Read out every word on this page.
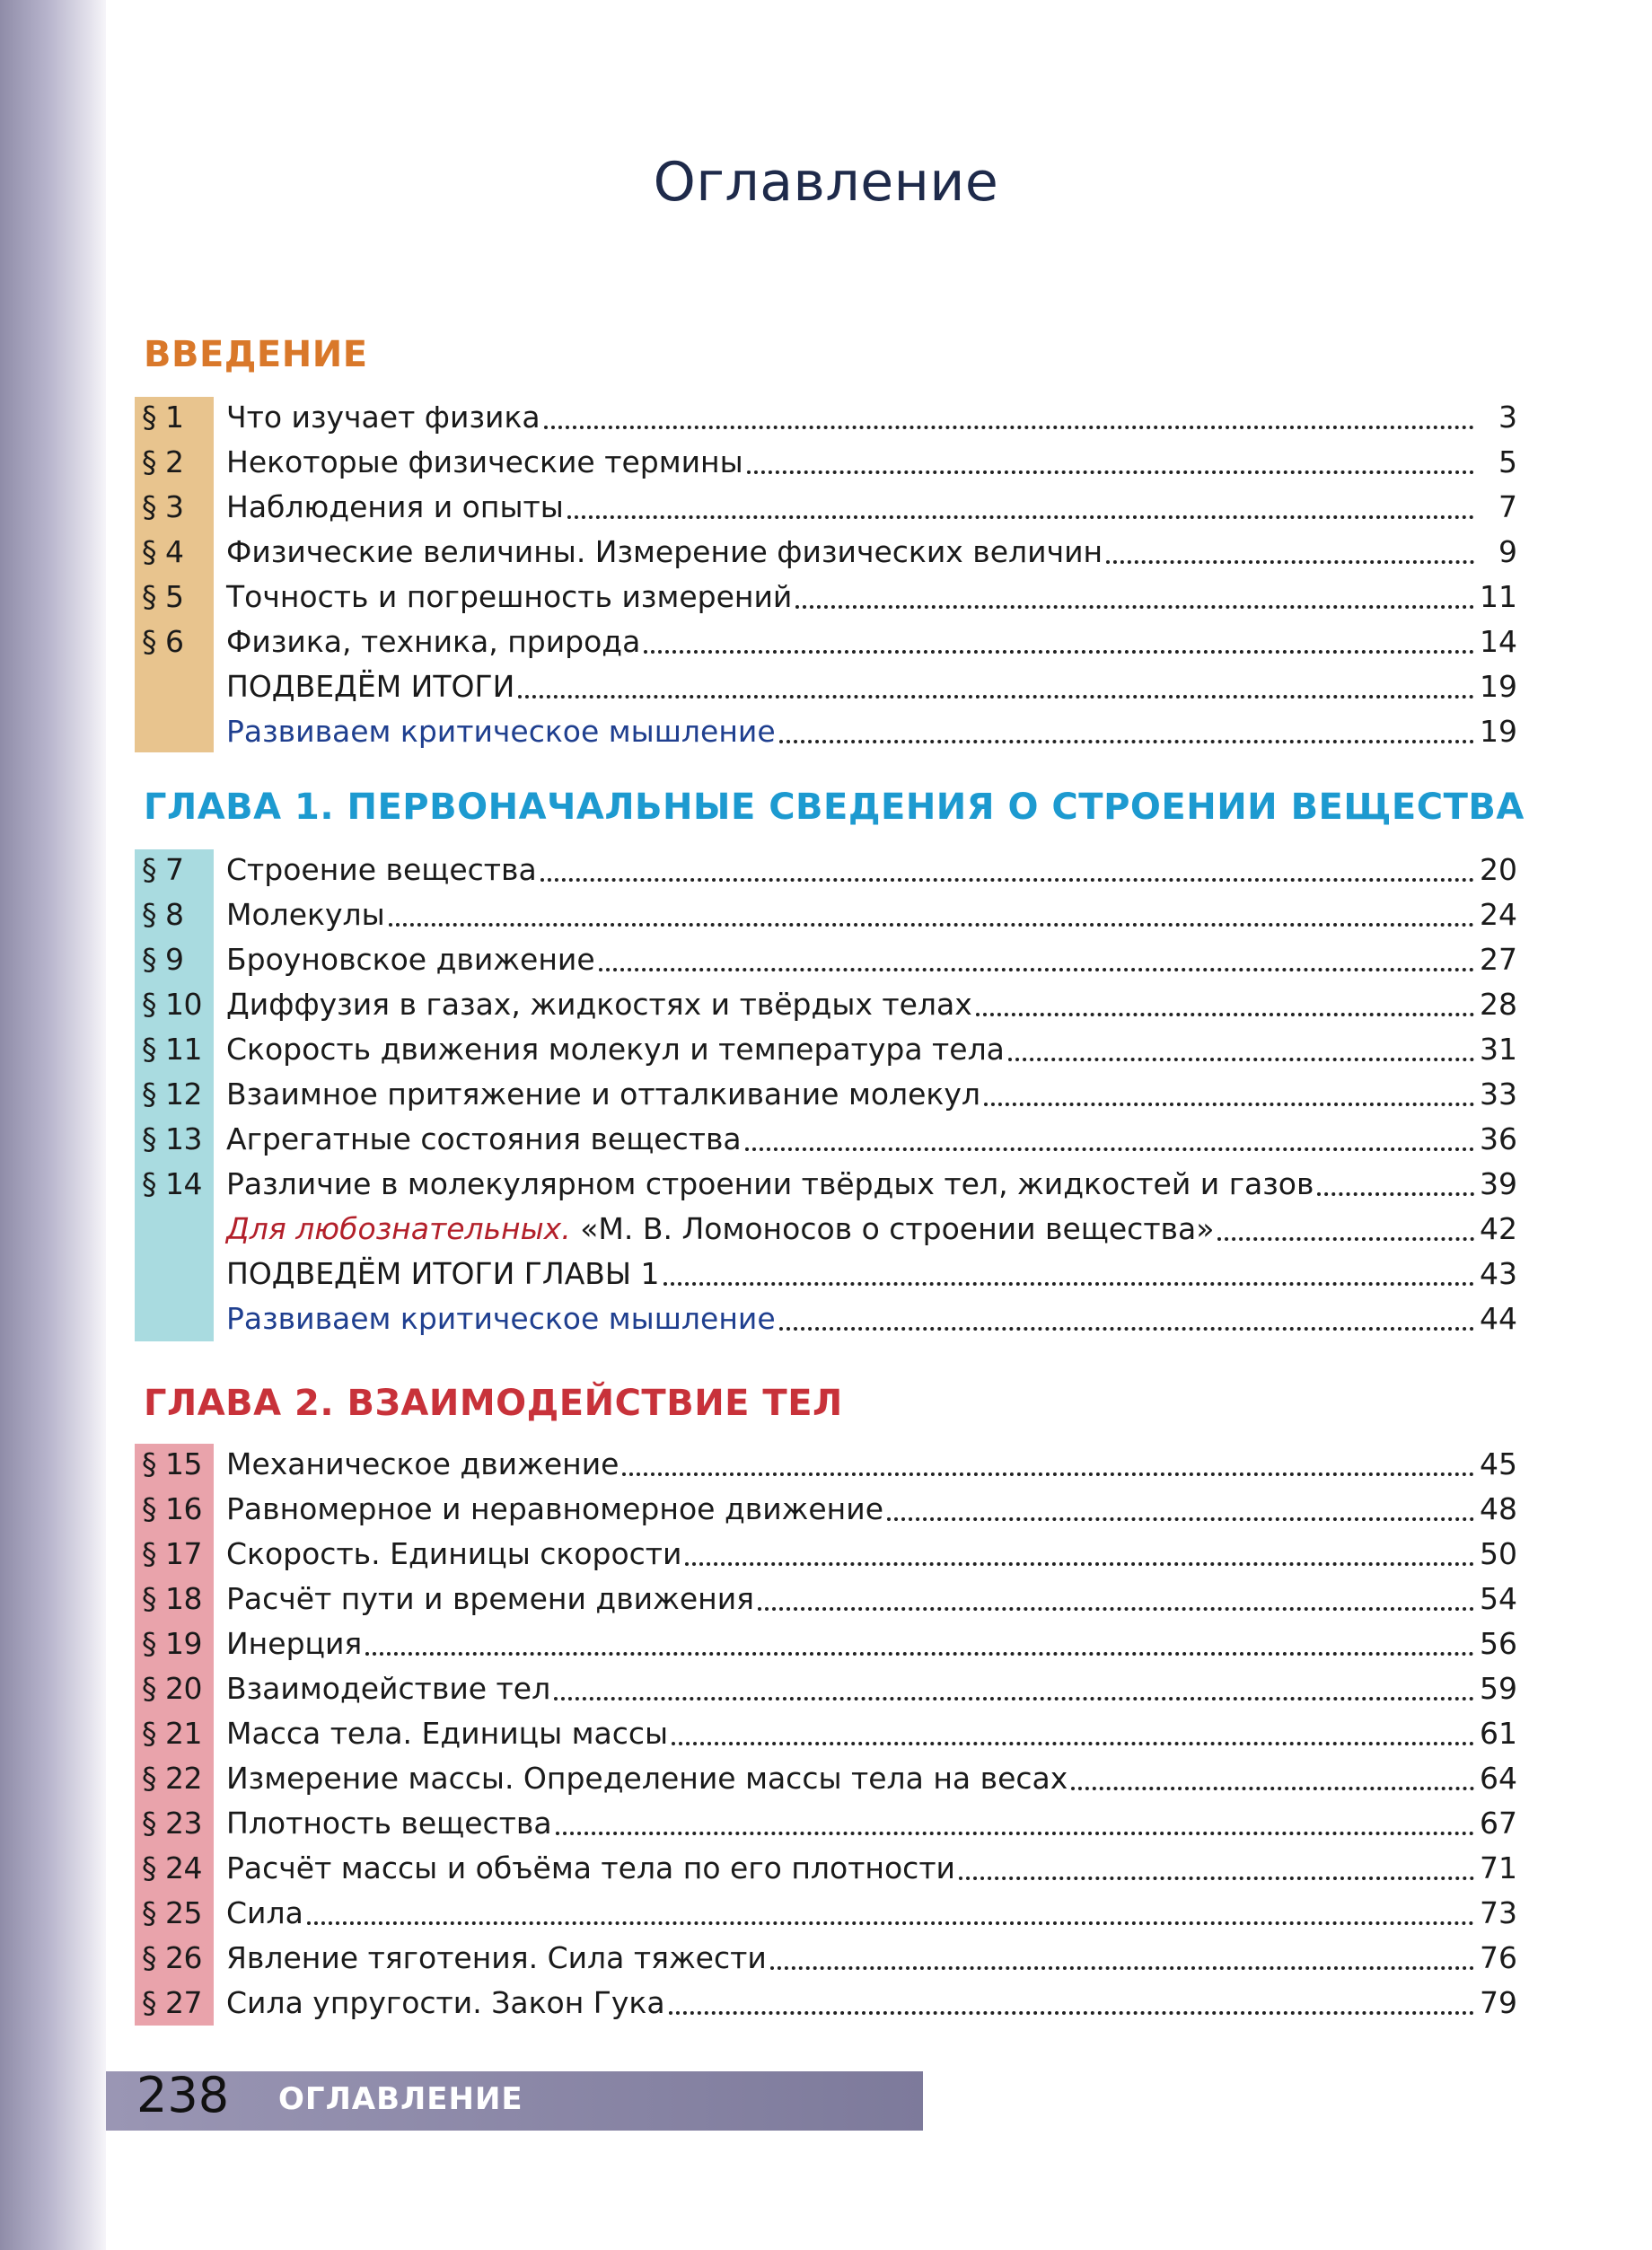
Оглавление
ВВЕДЕНИЕ
§ 1	Что изучает физика	3
§ 2	Некоторые физические термины	5
§ 3	Наблюдения и опыты	7
§ 4	Физические величины. Измерение физических величин	9
§ 5	Точность и погрешность измерений	11
§ 6	Физика, техника, природа	14
ПОДВЕДЁМ ИТОГИ	19
Развиваем критическое мышление	19
ГЛАВА 1. ПЕРВОНАЧАЛЬНЫЕ СВЕДЕНИЯ О СТРОЕНИИ ВЕЩЕСТВА
§ 7	Строение вещества	20
§ 8	Молекулы	24
§ 9	Броуновское движение	27
§ 10 Диффузия в газах, жидкостях и твёрдых телах	28
§ 11 Скорость движения молекул и температура тела	31
§ 12 Взаимное притяжение и отталкивание молекул	33
§ 13 Агрегатные состояния вещества	36
§ 14 Различие в молекулярном строении твёрдых тел, жидкостей и газов	39
Для любознательных. «М. В. Ломоносов о строении вещества»	42
ПОДВЕДЁМ ИТОГИ ГЛАВЫ 1	43
Развиваем критическое мышление	44
ГЛАВА 2. ВЗАИМОДЕЙСТВИЕ ТЕЛ
§ 15 Механическое движение	45
§ 16 Равномерное и неравномерное движение	48
§ 17 Скорость. Единицы скорости	50
§ 18 Расчёт пути и времени движения	54
§ 19 Инерция	56
§ 20 Взаимодействие тел	59
§ 21 Масса тела. Единицы массы	61
§ 22 Измерение массы. Определение массы тела на весах	64
§ 23 Плотность вещества	67
§ 24 Расчёт массы и объёма тела по его плотности	71
§ 25 Сила	73
§ 26 Явление тяготения. Сила тяжести	76
§ 27 Сила упругости. Закон Гука	79
238 ОГЛАВЛЕНИЕ
